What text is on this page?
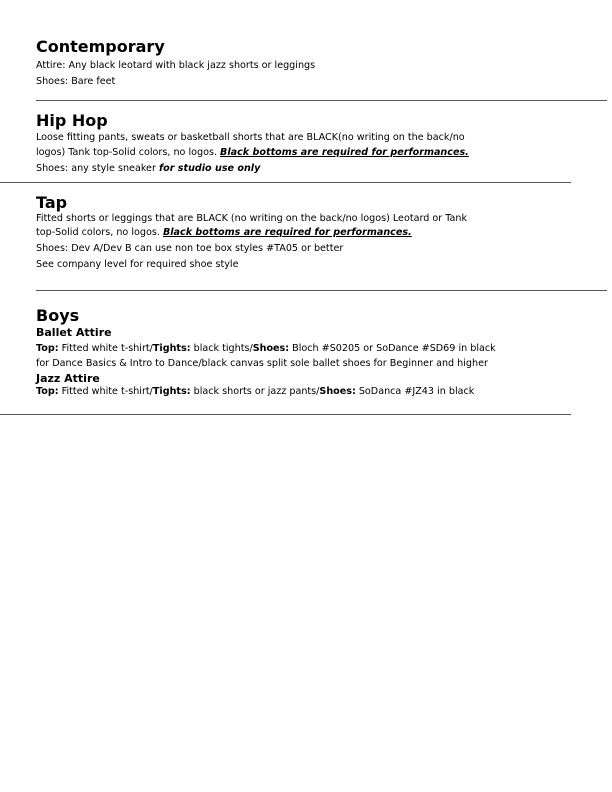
Contemporary

Attire: Any black leotard with black jazz shorts or leggings

Shoes: Bare feet

Hip Hop

Loose fitting pants, sweats or basketball shorts that are BLACK(no writing on the back/no

logos) Tank top-Solid colors, no logos. Black bottoms are required for performances.

Shoes: any style sneaker for studio use only

Tap

Fitted shorts or leggings that are BLACK (no writing on the back/no logos) Leotard or Tank

top-Solid colors, no logos. Black bottoms are required for performances.

Shoes: Dev A/Dev B can use non toe box styles #TA05 or better

See company level for required shoe style

Boys
Ballet Attire

Top: Fitted white t-shirt/Tights: black tights/Shoes: Bloch #S0205 or SoDance #SD69 in black

for Dance Basics & Intro to Dance/black canvas split sole ballet shoes for Beginner and higher

Jazz Attire

Top: Fitted white t-shirt/Tights: black shorts or jazz pants/Shoes: SoDanca #JZ43 in black
